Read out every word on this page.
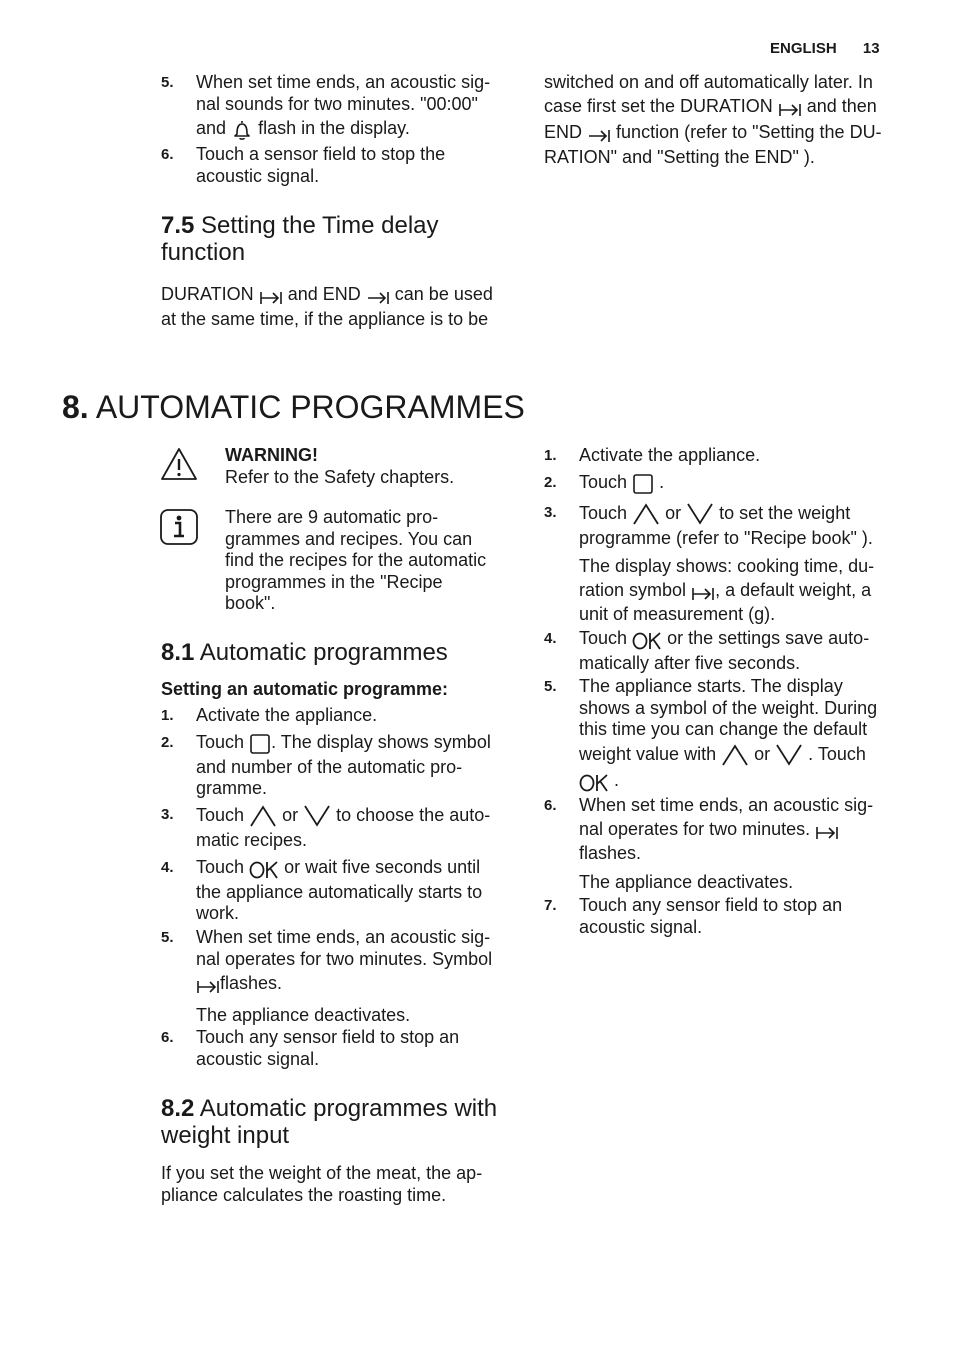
ENGLISH 13
5. When set time ends, an acoustic sig-
nal sounds for two minutes. "00:00"
and flash in the display.
6. Touch a sensor field to stop the
acoustic signal.
7.5 Setting the Time delay
function
DURATION and END can be used
at the same time, if the appliance is to be
switched on and off automatically later. In
case first set the DURATION and then
END function (refer to "Setting the DU-
RATION" and "Setting the END" ).
8. AUTOMATIC PROGRAMMES
WARNING!
Refer to the Safety chapters.
There are 9 automatic pro-
grammes and recipes. You can
find the recipes for the automatic
programmes in the "Recipe
book".
8.1 Automatic programmes
Setting an automatic programme:
1. Activate the appliance.
2. Touch . The display shows symbol
and number of the automatic pro-
gramme.
3. Touch or to choose the auto-
matic recipes.
4. Touch or wait five seconds until
the appliance automatically starts to
work.
5. When set time ends, an acoustic sig-
nal operates for two minutes. Symbol
flashes.
The appliance deactivates.
6. Touch any sensor field to stop an
acoustic signal.
8.2 Automatic programmes with
weight input
If you set the weight of the meat, the ap-
pliance calculates the roasting time.
1. Activate the appliance.
2. Touch .
3. Touch or to set the weight
programme (refer to "Recipe book" ).
The display shows: cooking time, du-
ration symbol , a default weight, a
unit of measurement (g).
4. Touch or the settings save auto-
matically after five seconds.
5. The appliance starts. The display
shows a symbol of the weight. During
this time you can change the default
weight value with or . Touch
.
6. When set time ends, an acoustic sig-
nal operates for two minutes.
flashes.
The appliance deactivates.
7. Touch any sensor field to stop an
acoustic signal.
